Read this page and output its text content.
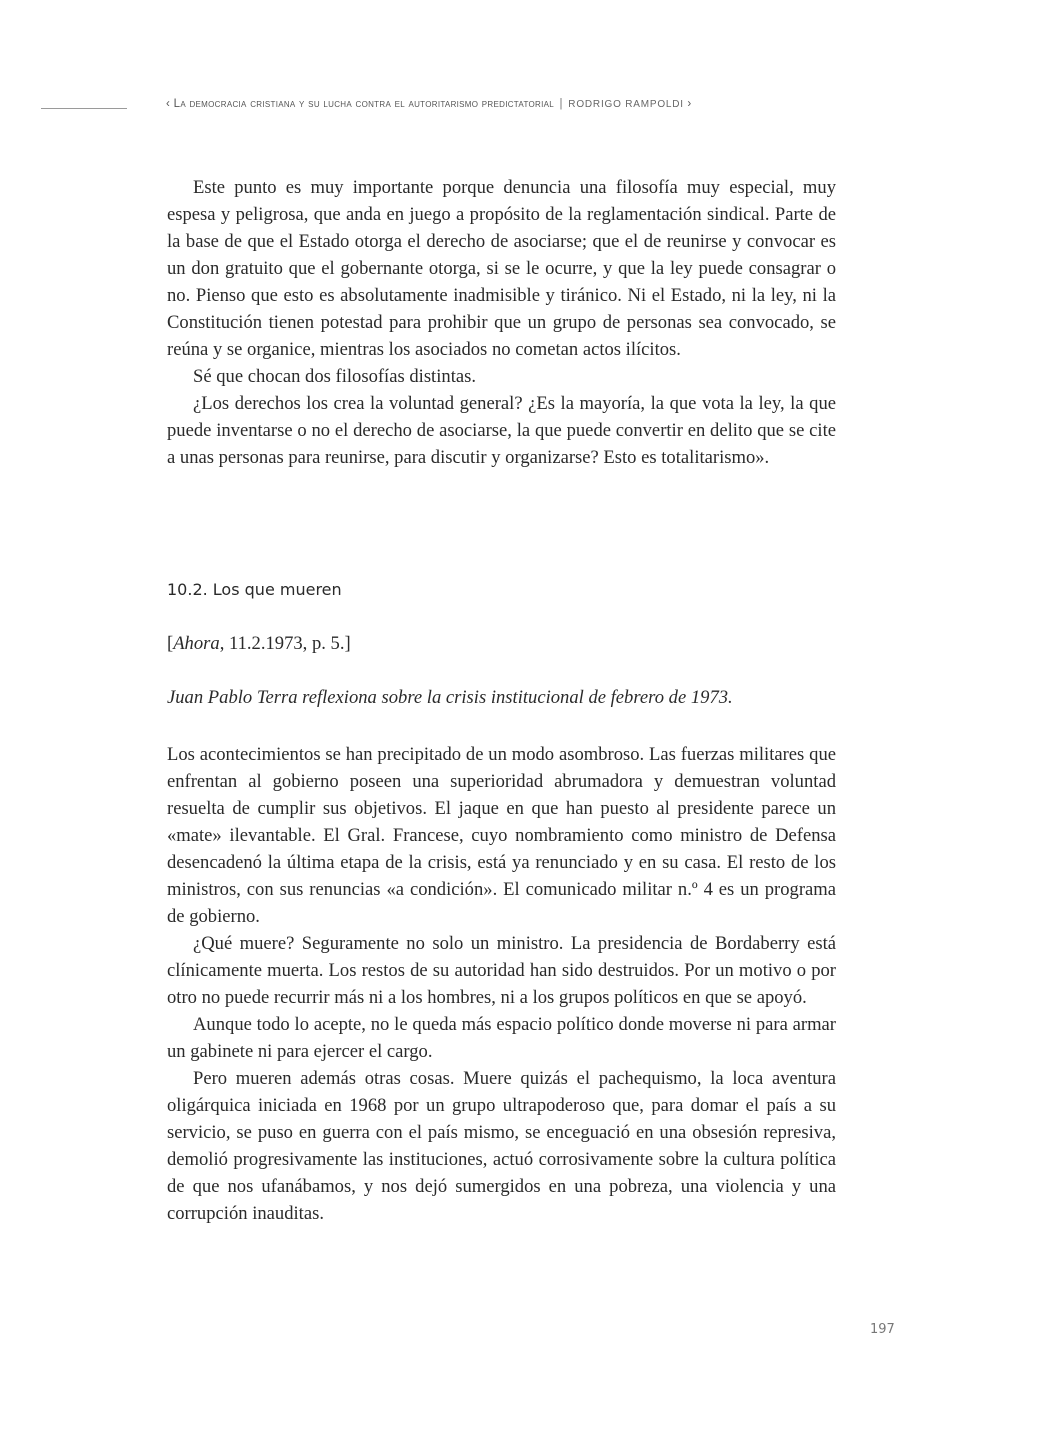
‹ La democracia cristiana y su lucha contra el autoritarismo predictatorial | RODRIGO RAMPOLDI ›

Este punto es muy importante porque denuncia una filosofía muy especial, muy espesa y peligrosa, que anda en juego a propósito de la reglamentación sindical. Parte de la base de que el Estado otorga el derecho de asociarse; que el de reunirse y convocar es un don gratuito que el gobernante otorga, si se le ocurre, y que la ley puede consagrar o no. Pienso que esto es absolutamente inadmisible y tiránico. Ni el Estado, ni la ley, ni la Constitución tienen potestad para prohibir que un grupo de personas sea convocado, se reúna y se organice, mientras los asociados no cometan actos ilícitos.

Sé que chocan dos filosofías distintas.

¿Los derechos los crea la voluntad general? ¿Es la mayoría, la que vota la ley, la que puede inventarse o no el derecho de asociarse, la que puede convertir en delito que se cite a unas personas para reunirse, para discutir y organizarse? Esto es totalitarismo».

10.2. Los que mueren
[Ahora, 11.2.1973, p. 5.]
Juan Pablo Terra reflexiona sobre la crisis institucional de febrero de 1973.

Los acontecimientos se han precipitado de un modo asombroso. Las fuerzas militares que enfrentan al gobierno poseen una superioridad abrumadora y demuestran voluntad resuelta de cumplir sus objetivos. El jaque en que han puesto al presidente parece un «mate» ilevantable. El Gral. Francese, cuyo nombramiento como ministro de Defensa desencadenó la última etapa de la crisis, está ya renunciado y en su casa. El resto de los ministros, con sus renuncias «a condición». El comunicado militar n.º 4 es un programa de gobierno.

¿Qué muere? Seguramente no solo un ministro. La presidencia de Bordaberry está clínicamente muerta. Los restos de su autoridad han sido destruidos. Por un motivo o por otro no puede recurrir más ni a los hombres, ni a los grupos políticos en que se apoyó.

Aunque todo lo acepte, no le queda más espacio político donde moverse ni para armar un gabinete ni para ejercer el cargo.

Pero mueren además otras cosas. Muere quizás el pachequismo, la loca aventura oligárquica iniciada en 1968 por un grupo ultrapoderoso que, para domar el país a su servicio, se puso en guerra con el país mismo, se enceguació en una obsesión represiva, demolió progresivamente las instituciones, actuó corrosivamente sobre la cultura política de que nos ufanábamos, y nos dejó sumergidos en una pobreza, una violencia y una corrupción inauditas.

197
